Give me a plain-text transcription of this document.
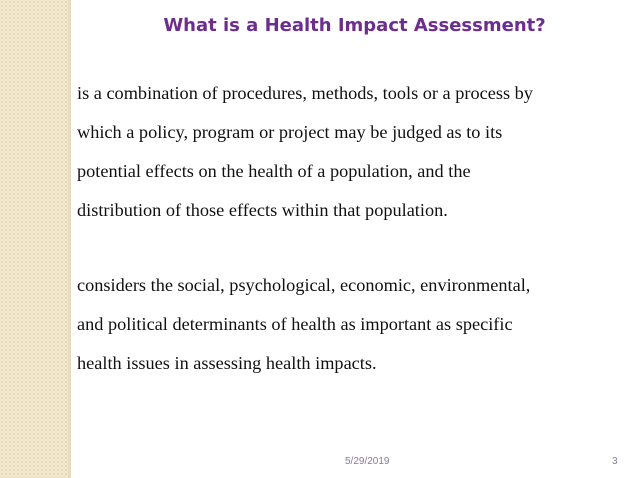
What is a Health Impact Assessment?
is a combination of procedures, methods, tools or a process by
which a policy, program or project may be judged as to its
potential effects on the health of a population, and the
distribution of those effects within that population.
considers the social, psychological, economic, environmental,
and political determinants of health as important as specific
health issues in assessing health impacts.
5/29/2019	3
